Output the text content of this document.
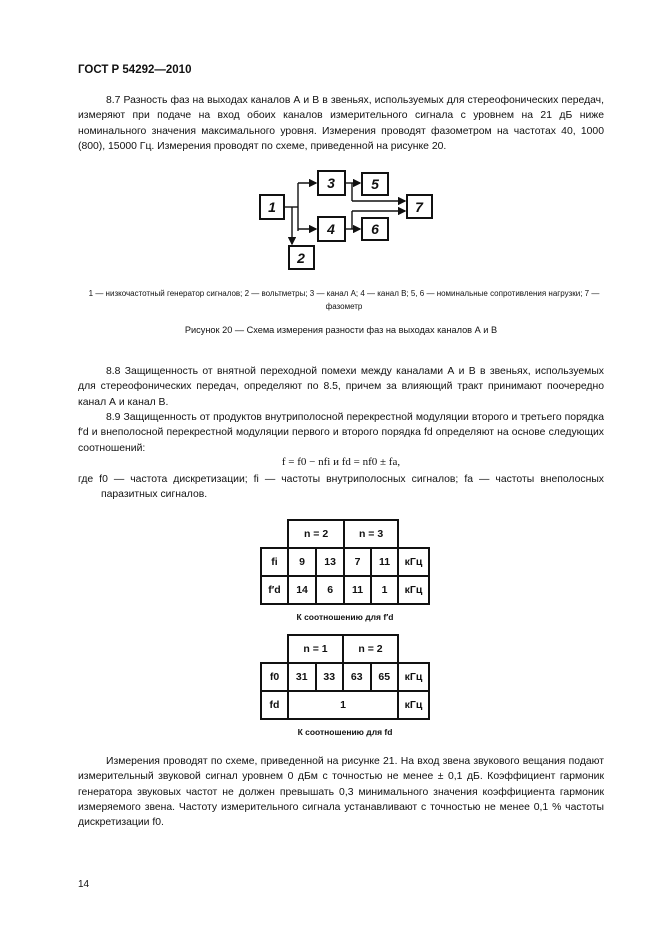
ГОСТ Р 54292—2010

8.7 Разность фаз на выходах каналов А и В в звеньях, используемых для стереофонических передач, измеряют при подаче на вход обоих каналов измерительного сигнала с уровнем на 21 дБ ниже номинального значения максимального уровня. Измерения проводят фазометром на частотах 40, 1000 (800), 15000 Гц. Измерения проводят по схеме, приведенной на рисунке 20.

1
2
3
4
5
6
7
1 — низкочастотный генератор сигналов; 2 — вольтметры; 3 — канал А; 4 — канал В; 5, 6 — номинальные сопротивления нагрузки; 7 — фазометр
Рисунок 20 — Схема измерения разности фаз на выходах каналов А и В

8.8 Защищенность от внятной переходной помехи между каналами А и В в звеньях, используемых для стереофонических передач, определяют по 8.5, причем за влияющий тракт принимают поочередно канал А и канал В.

8.9 Защищенность от продуктов внутриполосной перекрестной модуляции второго и третьего порядка f′d и внеполосной перекрестной модуляции первого и второго порядка fd определяют на основе следующих соотношений:

f = f0 − nfi и fd = nf0 ± fa,

где f0 — частота дискретизации; fi — частоты внутриполосных сигналов; fa — частоты внеполосных паразитных сигналов.

	n = 2		n = 3		
fi	9	13	7	11	кГц
f′d	14	6	11	1	кГц
К соотношению для f′d
	n = 1		n = 2		
f0	31	33	63	65	кГц
fd	1				кГц
К соотношению для fd

Измерения проводят по схеме, приведенной на рисунке 21. На вход звена звукового вещания подают измерительный звуковой сигнал уровнем 0 дБм с точностью не менее ± 0,1 дБ. Коэффициент гармоник генератора звуковых частот не должен превышать 0,3 минимального значения коэффициента гармоник измеряемого звена. Частоту измерительного сигнала устанавливают с точностью не менее 0,1 % частоты дискретизации f0.

14
